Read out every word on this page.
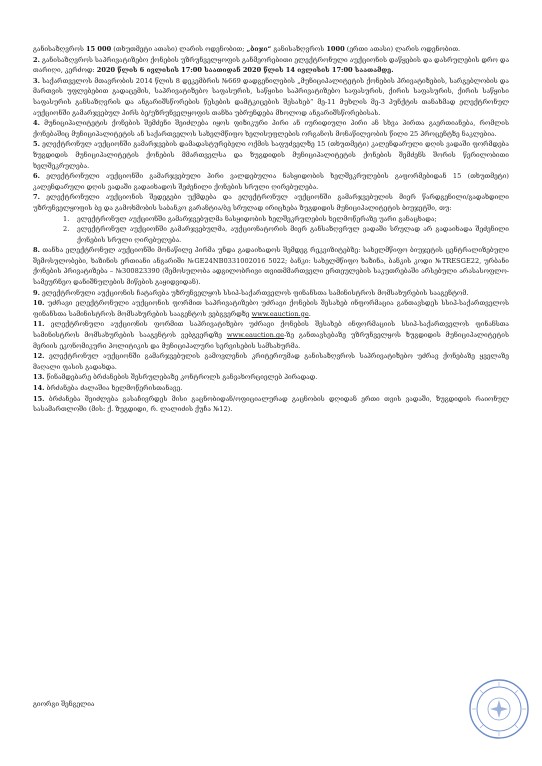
განისაზღვროს 15 000 (თხუთმეტი ათასი) ლარის ოდენობით; „ბიჯი“ განისაზღვროს 1000 (ერთი ათასი) ლარის ოდენობით.

2. განისაზღვროს საპრივატიზებო ქონების უზრუნველყოფის განმეორებითი ელექტრონული აუქციონის დაწყების და დასრულების დრო და თარიღი, კერძოდ: 2020 წლის 6 ივლისის 17:00 საათიდან 2020 წლის 14 ივლისის 17:00 საათამდე.

3. საქართველოს მთავრობის 2014 წლის 8 დეკემბრის №669 დადგენილების „მუნიციპალიტეტის ქონების პრივატიზების, სარგებლობის და მართვის უფლებებით გადაცემის, საპრივატიზებო საფასურის, საწყისი საპრივატიზებო საფასურის, ქირის საფასურის, ქირის საწყისი საფასურის განსაზღვრის და ანგარიშსწორების წესების დამტკიცების შესახებ“ მე-11 მუხლის მე-3 პუნქტის თანახმად ელექტრონულ აუქციონში გამარჯვებულ პირს ბე/უზრუნველყოფის თანხა უბრუნდება მხოლოდ ანგარიშსწორებისას.

4. მუნიციპალიტეტის ქონების შემძენი შეიძლება იყოს ფიზიკური პირი ან იურიდიული პირი ან სხვა პირთა გაერთიანება, რომლის ქონებაშიც მუნიციპალიტეტის ან საქართველოს სახელმწიფო ხელისუფლების ორგანოს მონაწილეობის წილი 25 პროცენტზე ნაკლებია.

5. ელექტრონულ აუქციონში გამარჯვების დამადასტურებელი ოქმის საფუძველზე 15 (თხუთმეტი) კალენდარული დღის ვადაში ფორმდება ზუგდიდის მუნიციპალიტეტის ქონების მმართველსა და ზუგდიდის მუნიციპალიტეტის ქონების შემძენს შორის წერილობითი ხელშეკრულება.

6. ელექტრონული აუქციონში გამარჯვებული პირი ვალდებულია ნასყიდობის ხელშეკრულების გაფორმებიდან 15 (თხუთმეტი) კალენდარული დღის ვადაში გადაიხადოს შეძენილი ქონების სრული ღირებულება.

7. ელექტრონული აუქციონის შედეგები უქმდება და ელექტრონულ აუქციონში გამარჯვებულის მიერ წარდგენილი/გადახდილი უზრუნველყოფის ბე და გამოხმობის საბანკო გარანტია/ბე სრულად ირიცხება ზუგდიდის მუნიციპალიტეტის ბიუჯეტში, თუ:

1.	ელექტრონულ აუქციონში გამარჯვებულმა ნასყიდობის ხელშეკრულების ხელმოწერაზე უარი განაცხადა;
2.	ელექტრონულ აუქციონში გამარჯვებულმა, აუქციონატორის მიერ განსაზღვრულ ვადაში სრულად არ გადაიხადა შეძენილი ქონების სრული ღირებულება.

8. თანხა ელექტრონულ აუქციონში მონაწილე პირმა უნდა გადაიხადოს შემდეგ რეკვიზიტებზე: სახელმწიფო ბიუჯეტის ცენტრალიზებული შემოსულობები, ხაზინის ერთიანი ანგარიში №GE24NB0331002016 5022; ბანკი: სახელმწიფო ხაზინა, ბანკის კოდი №TRESGE22, ურბანი ქონების პრივატიზება – №300823390 (შემოსულობა ადგილობრივი თვითმმართველი ერთეულების საკუთრებაში არსებული არასასოფლო-სამეურნეო დანიშნულების მიწების გაყიდვიდან).

9. ელექტრონული აუქციონის ჩატარება უზრუნველყოს სსიპ-საქართველოს ფინანსთა სამინისტროს მომსახურების სააგენტომ.

10. უძრავი ელექტრონული აუქციონის ფორმით საპრივატიზებო უძრავი ქონების შესახებ ინფორმაცია განთავსდეს სსიპ-საქართველოს ფინანსთა სამინისტროს მომსახურების სააგენტოს ვებგვერდზე www.eauction.ge.

11. ელექტრონული აუქციონის ფორმით საპრივატიზებო უძრავი ქონების შესახებ ინფორმაციის სსიპ-საქართველოს ფინანსთა სამინისტროს მომსახურების სააგენტოს ვებგვერდზე www.eauction.ge-ზე განთავსებაზე უზრუნველყოს ზუგდიდის მუნიციპალიტეტის მერიის ეკონომიკური პოლიტიკის და მუნიციპალური სერვისების სამსახურმა.

12. ელექტრონულ აუქციონში გამარჯვებულის გამოვლენის კრიტერიუმად განისაზღვროს საპრივატიზებო უძრავ ქონებაზე ყველაზე მაღალი ფასის გადახდა.

13. წინამდებარე ბრძანების შესრულებაზე კონტროლს განვახორციელებ პირადად.

14. ბრძანება ძალაშია ხელმოწერისთანავე.

15. ბრძანება შეიძლება გასაჩივრდეს მისი გაცნობიდან/ოფიციალურად გაცნობის დღიდან ერთი თვის ვადაში, ზუგდიდის რაიონულ სასამართლოში (მის: ქ. ზუგდიდი, რ. ლალიძის ქუჩა №12).

გიორგი შენგელია
